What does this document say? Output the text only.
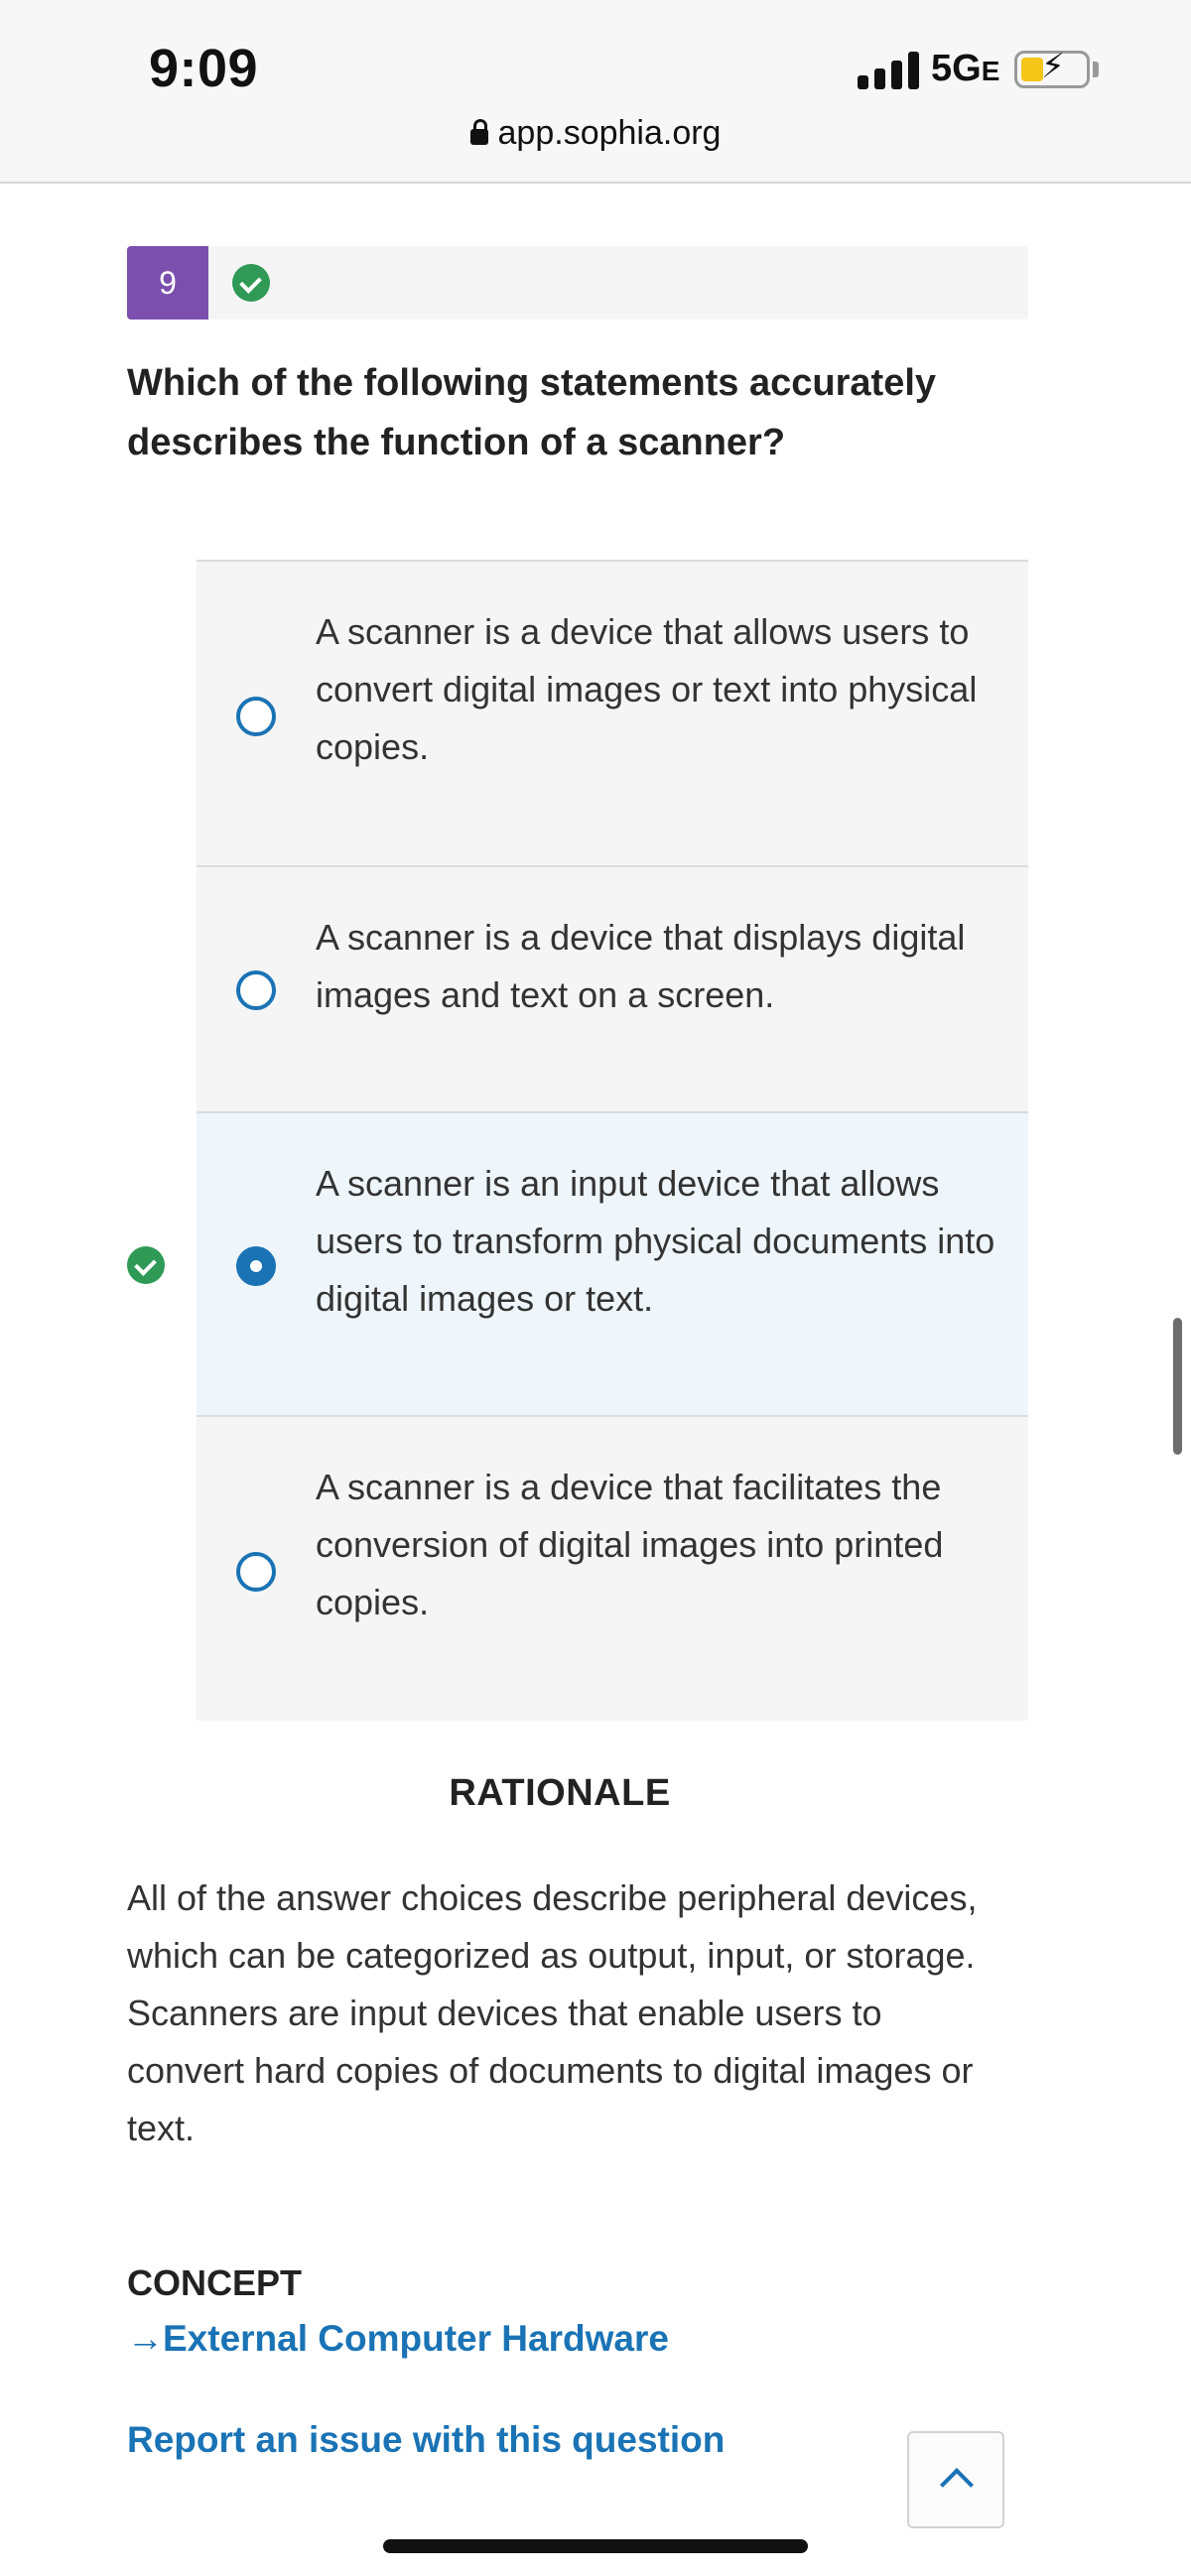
9:09	5GE ⚡
app.sophia.org
9
Which of the following statements accurately describes the function of a scanner?
A scanner is a device that allows users to convert digital images or text into physical copies.
A scanner is a device that displays digital images and text on a screen.
A scanner is an input device that allows users to transform physical documents into digital images or text.
A scanner is a device that facilitates the conversion of digital images into printed copies.
RATIONALE
All of the answer choices describe peripheral devices, which can be categorized as output, input, or storage. Scanners are input devices that enable users to convert hard copies of documents to digital images or text.
CONCEPT
→External Computer Hardware
Report an issue with this question
